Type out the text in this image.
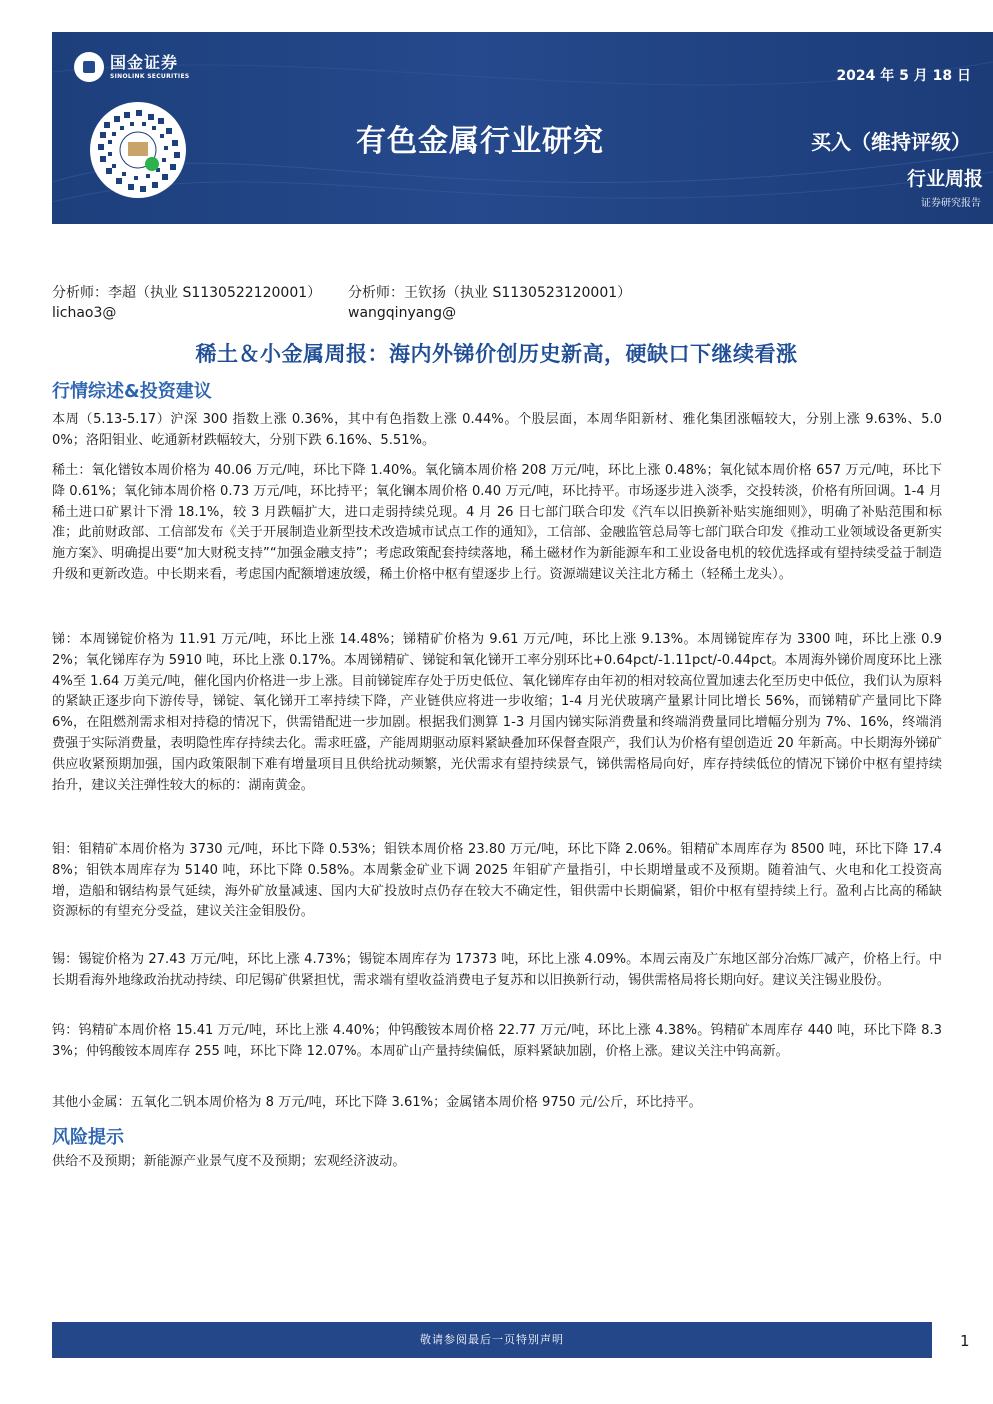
国金证券
SINOLINK SECURITIES	2024 年 5 月 18 日
有色金属行业研究	买入（维持评级）
行业周报
证券研究报告
分析师：李超（执业 S1130522120001）
lichao3@
分析师：王钦扬（执业 S1130523120001）
wangqinyang@
稀土＆小金属周报：海内外锑价创历史新高，硬缺口下继续看涨
行情综述&投资建议
本周（5.13-5.17）沪深 300 指数上涨 0.36%，其中有色指数上涨 0.44%。个股层面，本周华阳新材、雅化集团涨幅较大，分别上涨 9.63%、5.00%；洛阳钼业、屹通新材跌幅较大，分别下跌 6.16%、5.51%。
稀土：氧化镨钕本周价格为 40.06 万元/吨，环比下降 1.40%。氧化镝本周价格 208 万元/吨，环比上涨 0.48%；氧化铽本周价格 657 万元/吨，环比下降 0.61%；氧化铈本周价格 0.73 万元/吨，环比持平；氧化镧本周价格 0.40 万元/吨，环比持平。市场逐步进入淡季，交投转淡，价格有所回调。1-4 月稀土进口矿累计下滑 18.1%，较 3 月跌幅扩大，进口走弱持续兑现。4 月 26 日七部门联合印发《汽车以旧换新补贴实施细则》，明确了补贴范围和标准；此前财政部、工信部发布《关于开展制造业新型技术改造城市试点工作的通知》，工信部、金融监管总局等七部门联合印发《推动工业领域设备更新实施方案》、明确提出要“加大财税支持”“加强金融支持”；考虑政策配套持续落地，稀土磁材作为新能源车和工业设备电机的较优选择或有望持续受益于制造升级和更新改造。中长期来看，考虑国内配额增速放缓，稀土价格中枢有望逐步上行。资源端建议关注北方稀土（轻稀土龙头）。
锑：本周锑锭价格为 11.91 万元/吨，环比上涨 14.48%；锑精矿价格为 9.61 万元/吨，环比上涨 9.13%。本周锑锭库存为 3300 吨，环比上涨 0.92%；氧化锑库存为 5910 吨，环比上涨 0.17%。本周锑精矿、锑锭和氧化锑开工率分别环比+0.64pct/-1.11pct/-0.44pct。本周海外锑价周度环比上涨 4%至 1.64 万美元/吨，催化国内价格进一步上涨。目前锑锭库存处于历史低位、氧化锑库存由年初的相对较高位置加速去化至历史中低位，我们认为原料的紧缺正逐步向下游传导，锑锭、氧化锑开工率持续下降，产业链供应将进一步收缩；1-4 月光伏玻璃产量累计同比增长 56%，而锑精矿产量同比下降 6%，在阻燃剂需求相对持稳的情况下，供需错配进一步加剧。根据我们测算 1-3 月国内锑实际消费量和终端消费量同比增幅分别为 7%、16%，终端消费强于实际消费量，表明隐性库存持续去化。需求旺盛，产能周期驱动原料紧缺叠加环保督查限产，我们认为价格有望创造近 20 年新高。中长期海外锑矿供应收紧预期加强，国内政策限制下难有增量项目且供给扰动频繁，光伏需求有望持续景气，锑供需格局向好，库存持续低位的情况下锑价中枢有望持续抬升，建议关注弹性较大的标的：湖南黄金。
钼：钼精矿本周价格为 3730 元/吨，环比下降 0.53%；钼铁本周价格 23.80 万元/吨，环比下降 2.06%。钼精矿本周库存为 8500 吨，环比下降 17.48%；钼铁本周库存为 5140 吨，环比下降 0.58%。本周紫金矿业下调 2025 年钼矿产量指引，中长期增量或不及预期。随着油气、火电和化工投资高增，造船和钢结构景气延续，海外矿放量减速、国内大矿投放时点仍存在较大不确定性，钼供需中长期偏紧，钼价中枢有望持续上行。盈利占比高的稀缺资源标的有望充分受益，建议关注金钼股份。
锡：锡锭价格为 27.43 万元/吨，环比上涨 4.73%；锡锭本周库存为 17373 吨，环比上涨 4.09%。本周云南及广东地区部分冶炼厂减产，价格上行。中长期看海外地缘政治扰动持续、印尼锡矿供紧担忧，需求端有望收益消费电子复苏和以旧换新行动，锡供需格局将长期向好。建议关注锡业股份。
钨：钨精矿本周价格 15.41 万元/吨，环比上涨 4.40%；仲钨酸铵本周价格 22.77 万元/吨，环比上涨 4.38%。钨精矿本周库存 440 吨，环比下降 8.33%；仲钨酸铵本周库存 255 吨，环比下降 12.07%。本周矿山产量持续偏低，原料紧缺加剧，价格上涨。建议关注中钨高新。
其他小金属：五氧化二钒本周价格为 8 万元/吨，环比下降 3.61%；金属锗本周价格 9750 元/公斤，环比持平。
风险提示
供给不及预期；新能源产业景气度不及预期；宏观经济波动。
敬请参阅最后一页特别声明	1
